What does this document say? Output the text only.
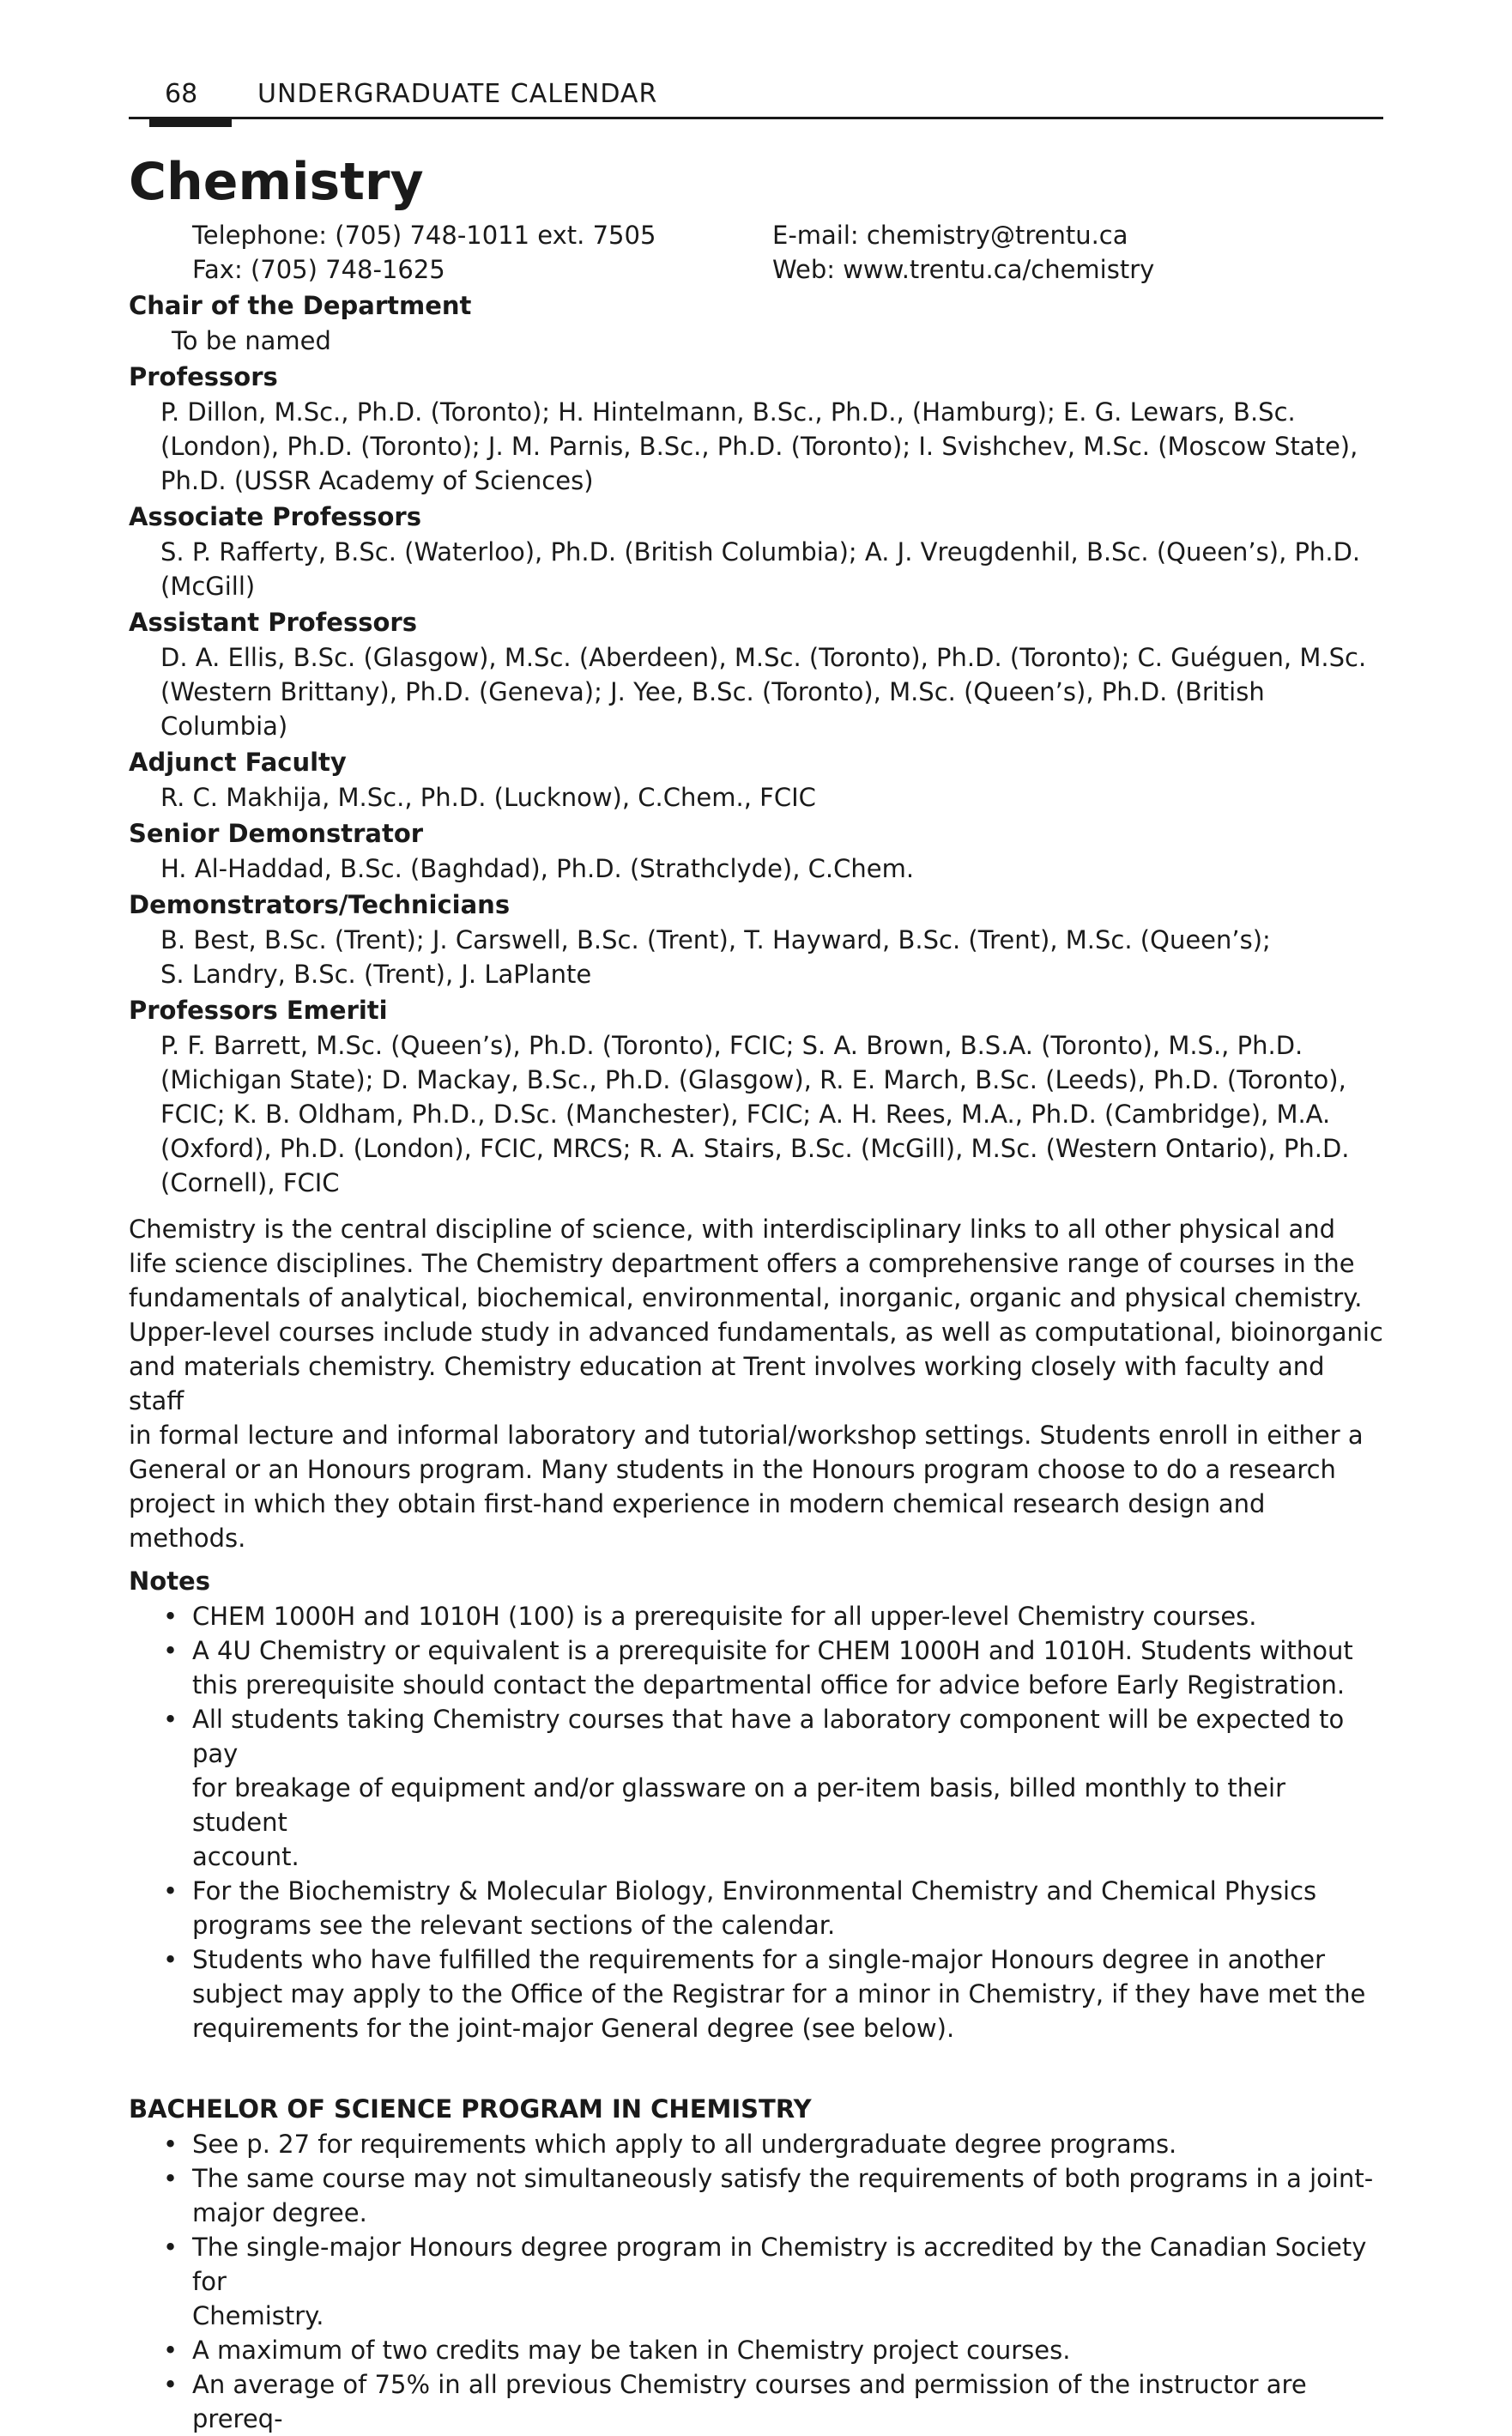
68 UNDERGRADUATE CALENDAR
Chemistry
Telephone: (705) 748-1011 ext. 7505	E-mail: chemistry@trentu.ca
Fax: (705) 748-1625	Web: www.trentu.ca/chemistry
Chair of the Department
To be named
Professors
P. Dillon, M.Sc., Ph.D. (Toronto); H. Hintelmann, B.Sc., Ph.D., (Hamburg); E. G. Lewars, B.Sc.
(London), Ph.D. (Toronto); J. M. Parnis, B.Sc., Ph.D. (Toronto); I. Svishchev, M.Sc. (Moscow State),
Ph.D. (USSR Academy of Sciences)
Associate Professors
S. P. Rafferty, B.Sc. (Waterloo), Ph.D. (British Columbia); A. J. Vreugdenhil, B.Sc. (Queen’s), Ph.D.
(McGill)
Assistant Professors
D. A. Ellis, B.Sc. (Glasgow), M.Sc. (Aberdeen), M.Sc. (Toronto), Ph.D. (Toronto); C. Guéguen, M.Sc.
(Western Brittany), Ph.D. (Geneva); J. Yee, B.Sc. (Toronto), M.Sc. (Queen’s), Ph.D. (British Columbia)
Adjunct Faculty
R. C. Makhija, M.Sc., Ph.D. (Lucknow), C.Chem., FCIC
Senior Demonstrator
H. Al-Haddad, B.Sc. (Baghdad), Ph.D. (Strathclyde), C.Chem.
Demonstrators/Technicians
B. Best, B.Sc. (Trent); J. Carswell, B.Sc. (Trent), T. Hayward, B.Sc. (Trent), M.Sc. (Queen’s);
S. Landry, B.Sc. (Trent), J. LaPlante
Professors Emeriti
P. F. Barrett, M.Sc. (Queen’s), Ph.D. (Toronto), FCIC; S. A. Brown, B.S.A. (Toronto), M.S., Ph.D.
(Michigan State); D. Mackay, B.Sc., Ph.D. (Glasgow), R. E. March, B.Sc. (Leeds), Ph.D. (Toronto),
FCIC; K. B. Oldham, Ph.D., D.Sc. (Manchester), FCIC; A. H. Rees, M.A., Ph.D. (Cambridge), M.A.
(Oxford), Ph.D. (London), FCIC, MRCS; R. A. Stairs, B.Sc. (McGill), M.Sc. (Western Ontario), Ph.D.
(Cornell), FCIC
Chemistry is the central discipline of science, with interdisciplinary links to all other physical and
life science disciplines. The Chemistry department offers a comprehensive range of courses in the
fundamentals of analytical, biochemical, environmental, inorganic, organic and physical chemistry.
Upper-level courses include study in advanced fundamentals, as well as computational, bioinorganic
and materials chemistry. Chemistry education at Trent involves working closely with faculty and staff
in formal lecture and informal laboratory and tutorial/workshop settings. Students enroll in either a
General or an Honours program. Many students in the Honours program choose to do a research
project in which they obtain first-hand experience in modern chemical research design and methods.
Notes
• CHEM 1000H and 1010H (100) is a prerequisite for all upper-level Chemistry courses.
• A 4U Chemistry or equivalent is a prerequisite for CHEM 1000H and 1010H. Students without
this prerequisite should contact the departmental office for advice before Early Registration.
• All students taking Chemistry courses that have a laboratory component will be expected to pay
for breakage of equipment and/or glassware on a per-item basis, billed monthly to their student
account.
• For the Biochemistry & Molecular Biology, Environmental Chemistry and Chemical Physics
programs see the relevant sections of the calendar.
• Students who have fulfilled the requirements for a single-major Honours degree in another
subject may apply to the Office of the Registrar for a minor in Chemistry, if they have met the
requirements for the joint-major General degree (see below).
BACHELOR OF SCIENCE PROGRAM IN CHEMISTRY
• See p. 27 for requirements which apply to all undergraduate degree programs.
• The same course may not simultaneously satisfy the requirements of both programs in a joint-
major degree.
• The single-major Honours degree program in Chemistry is accredited by the Canadian Society for
Chemistry.
• A maximum of two credits may be taken in Chemistry project courses.
• An average of 75% in all previous Chemistry courses and permission of the instructor are prereq-
